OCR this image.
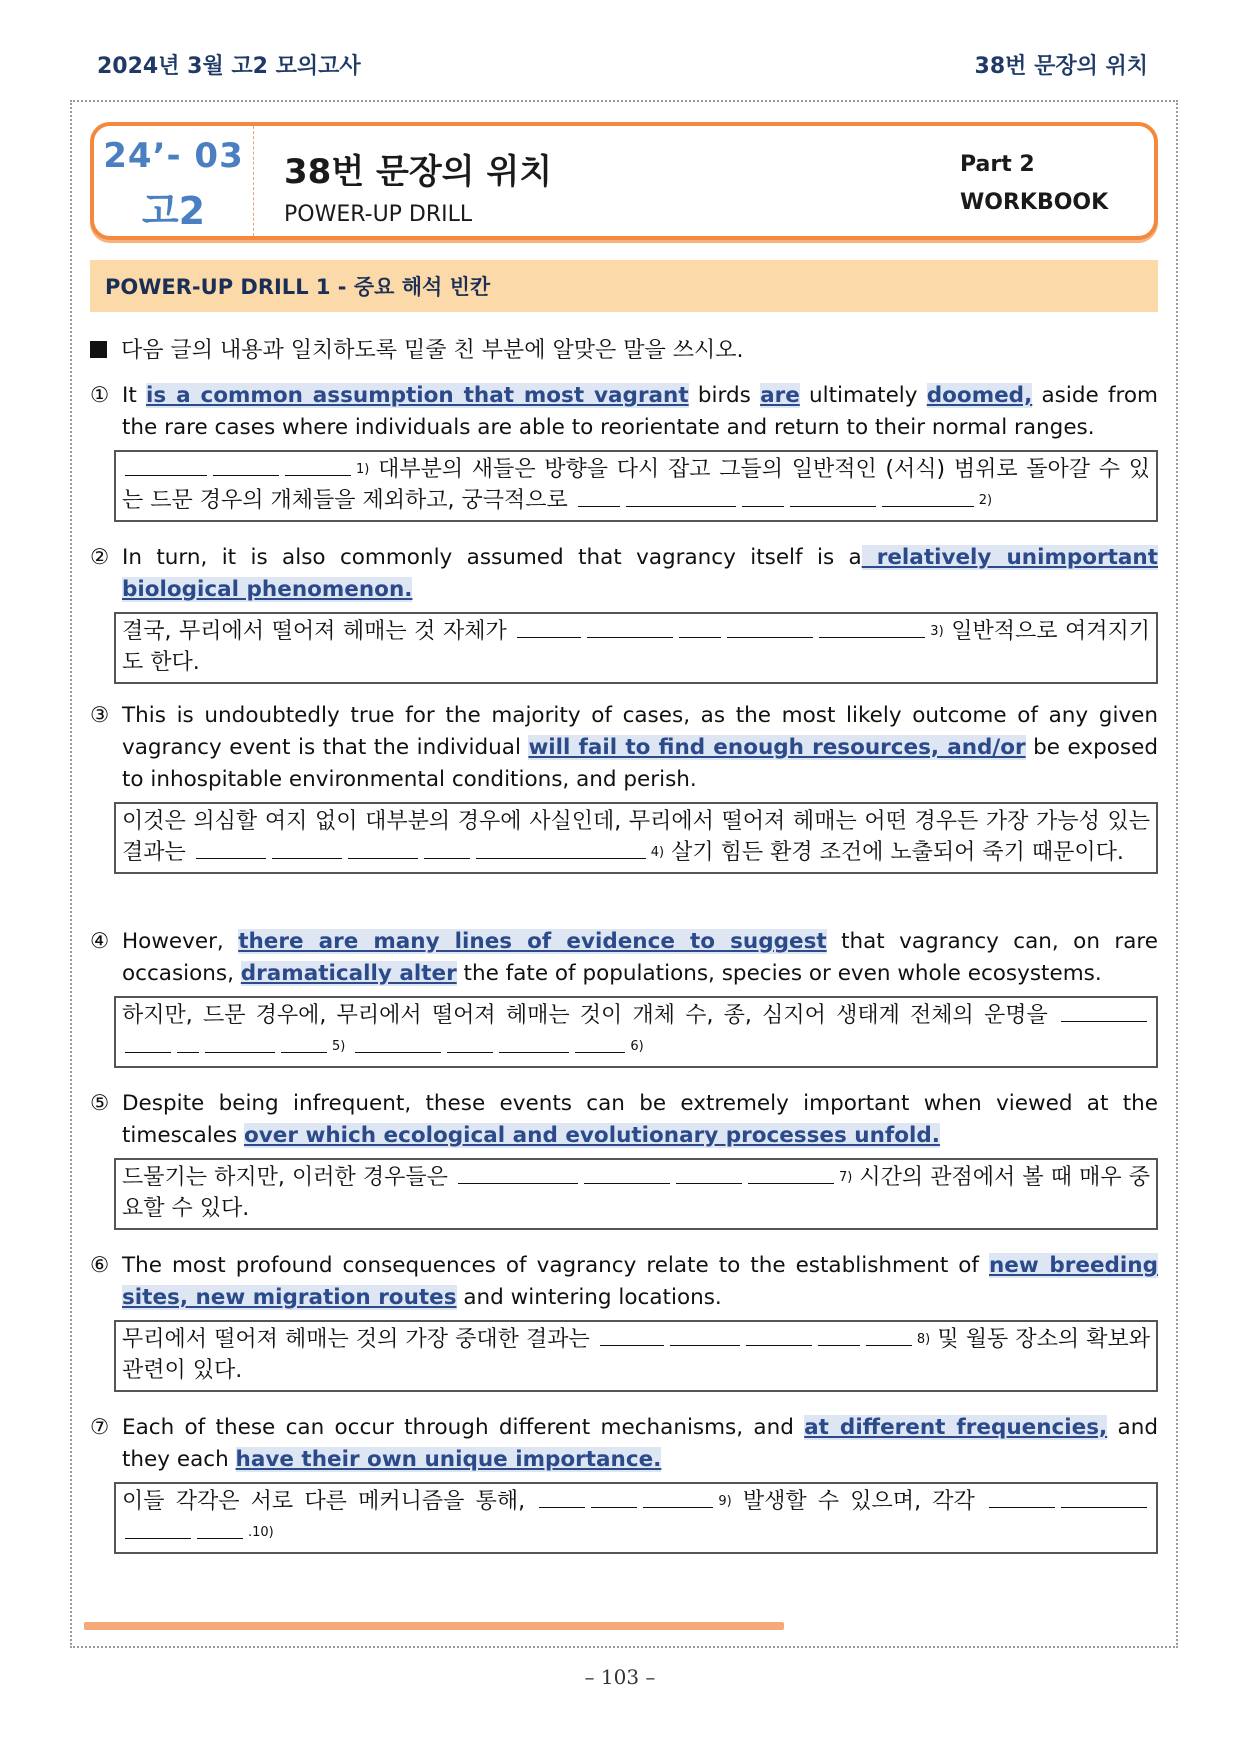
2024년 3월 고2 모의고사	38번 문장의 위치
24’- 03
고2
38번 문장의 위치
POWER-UP DRILL
Part 2
WORKBOOK
POWER-UP DRILL 1 - 중요 해석 빈칸
다음 글의 내용과 일치하도록 밑줄 친 부분에 알맞은 말을 쓰시오.
① It is a common assumption that most vagrant birds are ultimately doomed, aside from the rare cases where individuals are able to reorientate and return to their normal ranges.
$^{1)}$ 대부분의 새들은 방향을 다시 잡고 그들의 일반적인 (서식) 범위로 돌아갈 수 있는 드문 경우의 개체들을 제외하고, 궁극적으로	$^{2)}$
② In turn, it is also commonly assumed that vagrancy itself is a relatively unimportant biological phenomenon.
결국, 무리에서 떨어져 헤매는 것 자체가	$^{3)}$ 일반적으로 여겨지기도 한다.
③ This is undoubtedly true for the majority of cases, as the most likely outcome of any given vagrancy event is that the individual will fail to find enough resources, and/or be exposed to inhospitable environmental conditions, and perish.
이것은 의심할 여지 없이 대부분의 경우에 사실인데, 무리에서 떨어져 헤매는 어떤 경우든 가장 가능성 있는 결과는	$^{4)}$ 살기 힘든 환경 조건에 노출되어 죽기 때문이다.
④ However, there are many lines of evidence to suggest that vagrancy can, on rare occasions, dramatically alter the fate of populations, species or even whole ecosystems.
하지만, 드문 경우에, 무리에서 떨어져 헤매는 것이 개체 수, 종, 심지어 생태계 전체의 운명을 $^{5)}$	$^{6)}$
⑤ Despite being infrequent, these events can be extremely important when viewed at the timescales over which ecological and evolutionary processes unfold.
드물기는 하지만, 이러한 경우들은	$^{7)}$ 시간의 관점에서 볼 때 매우 중요할 수 있다.
⑥ The most profound consequences of vagrancy relate to the establishment of new breeding sites, new migration routes and wintering locations.
무리에서 떨어져 헤매는 것의 가장 중대한 결과는	$^{8)}$ 및 월동 장소의 확보와 관련이 있다.
⑦ Each of these can occur through different mechanisms, and at different frequencies, and they each have their own unique importance.
이들 각각은 서로 다른 메커니즘을 통해,	$^{9)}$ 발생할 수 있으며, 각각 $^{.10)}$
– 103 –
